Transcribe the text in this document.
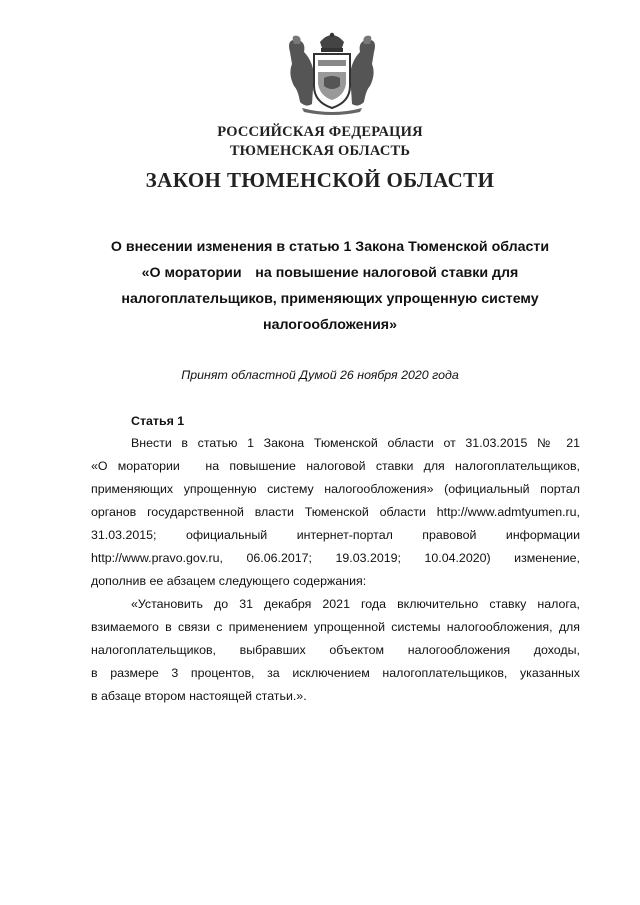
РОССИЙСКАЯ ФЕДЕРАЦИЯ
ТЮМЕНСКАЯ ОБЛАСТЬ
ЗАКОН ТЮМЕНСКОЙ ОБЛАСТИ
О внесении изменения в статью 1 Закона Тюменской области
«О мораторииﾠна повышение налоговой ставки для
налогоплательщиков, применяющих упрощенную систему
налогообложения»
Принят областной Думой 26 ноября 2020 года
Статья 1
Внести в статью 1 Закона Тюменской области от 31.03.2015 № 21
«О мораторииﾠна повышение налоговой ставки для налогоплательщиков,
применяющих упрощенную систему налогообложения» (официальный портал
органов государственной власти Тюменской области http://www.admtyumen.ru,
31.03.2015; официальный интернет-портал правовой информации
http://www.pravo.gov.ru, 06.06.2017; 19.03.2019; 10.04.2020) изменение,
дополнив ее абзацем следующего содержания:
«Установить до 31 декабря 2021 года включительно ставку налога,
взимаемого в связи с применением упрощенной системы налогообложения, для
налогоплательщиков, выбравших объектом налогообложения доходы,
в размере 3 процентов, за исключением налогоплательщиков, указанных
в абзаце втором настоящей статьи.».
